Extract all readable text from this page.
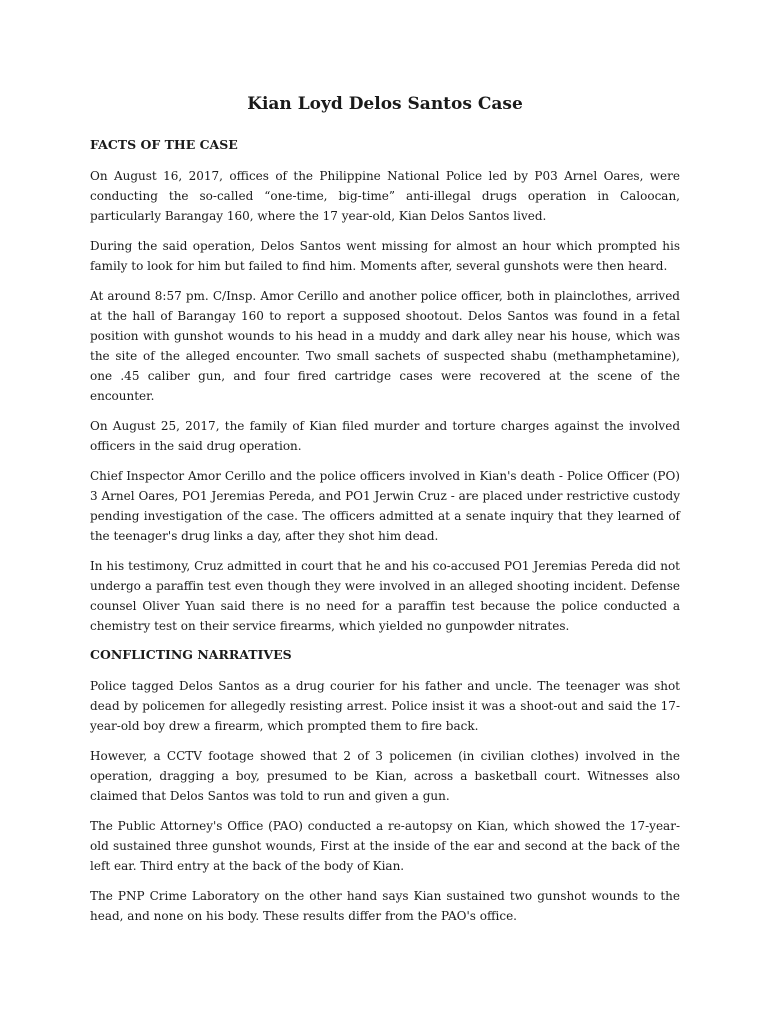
Kian Loyd Delos Santos Case
FACTS OF THE CASE

On August 16, 2017, offices of the Philippine National Police led by P03 Arnel Oares, were conducting the so-called “one-time, big-time” anti-illegal drugs operation in Caloocan, particularly Barangay 160, where the 17 year-old, Kian Delos Santos lived.

During the said operation, Delos Santos went missing for almost an hour which prompted his family to look for him but failed to find him. Moments after, several gunshots were then heard.

At around 8:57 pm. C/Insp. Amor Cerillo and another police officer, both in plainclothes, arrived at the hall of Barangay 160 to report a supposed shootout. Delos Santos was found in a fetal position with gunshot wounds to his head in a muddy and dark alley near his house, which was the site of the alleged encounter. Two small sachets of suspected shabu (methamphetamine), one .45 caliber gun, and four fired cartridge cases were recovered at the scene of the encounter.

On August 25, 2017, the family of Kian filed murder and torture charges against the involved officers in the said drug operation.

Chief Inspector Amor Cerillo and the police officers involved in Kian's death - Police Officer (PO) 3 Arnel Oares, PO1 Jeremias Pereda, and PO1 Jerwin Cruz - are placed under restrictive custody pending investigation of the case. The officers admitted at a senate inquiry that they learned of the teenager's drug links a day, after they shot him dead.

In his testimony, Cruz admitted in court that he and his co-accused PO1 Jeremias Pereda did not undergo a paraffin test even though they were involved in an alleged shooting incident. Defense counsel Oliver Yuan said there is no need for a paraffin test because the police conducted a chemistry test on their service firearms, which yielded no gunpowder nitrates.

CONFLICTING NARRATIVES

Police tagged Delos Santos as a drug courier for his father and uncle. The teenager was shot dead by policemen for allegedly resisting arrest. Police insist it was a shoot-out and said the 17-year-old boy drew a firearm, which prompted them to fire back.

However, a CCTV footage showed that 2 of 3 policemen (in civilian clothes) involved in the operation, dragging a boy, presumed to be Kian, across a basketball court. Witnesses also claimed that Delos Santos was told to run and given a gun.

The Public Attorney's Office (PAO) conducted a re-autopsy on Kian, which showed the 17-year-old sustained three gunshot wounds, First at the inside of the ear and second at the back of the left ear. Third entry at the back of the body of Kian.

The PNP Crime Laboratory on the other hand says Kian sustained two gunshot wounds to the head, and none on his body. These results differ from the PAO's office.
